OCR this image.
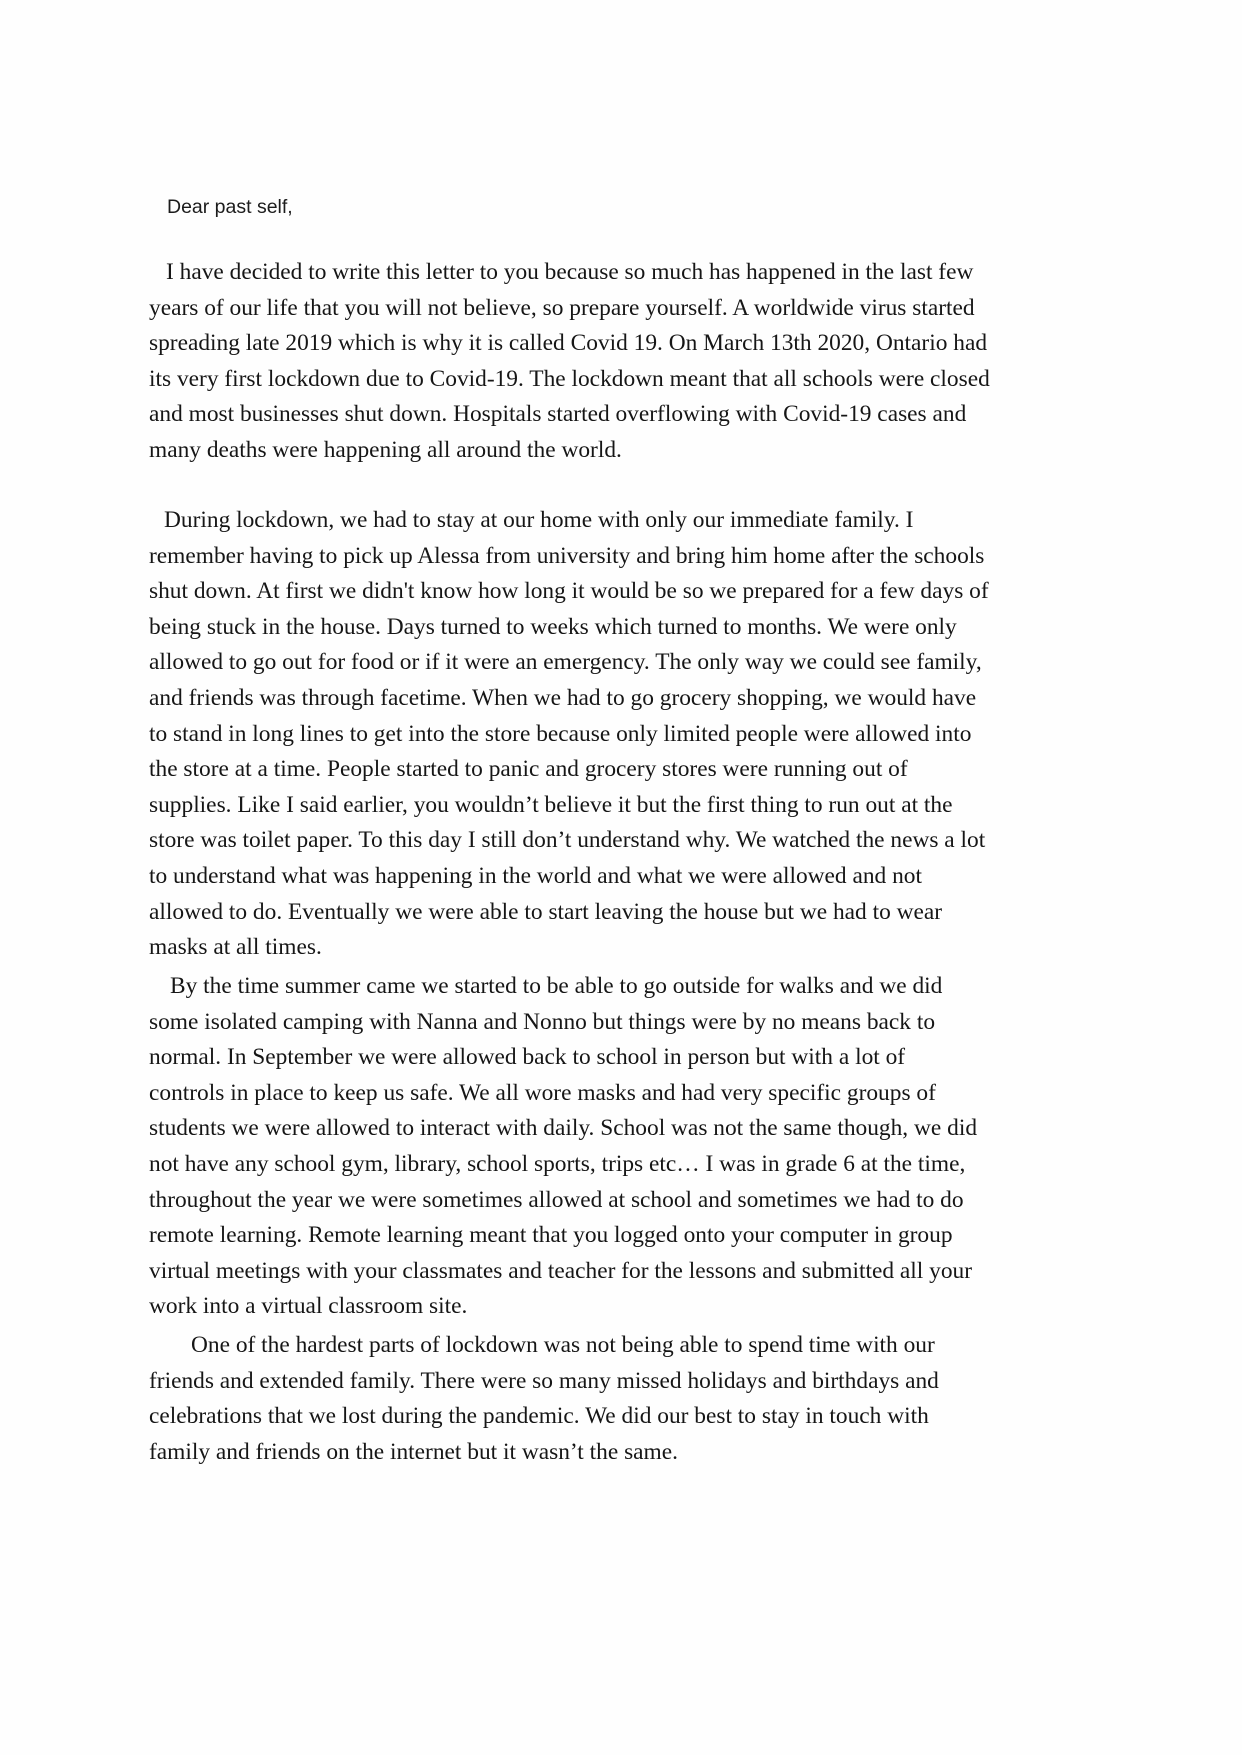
Dear past self,

I have decided to write this letter to you because so much has happened in the last few
years of our life that you will not believe, so prepare yourself. A worldwide virus started
spreading late 2019 which is why it is called Covid 19. On March 13th 2020, Ontario had
its very first lockdown due to Covid-19. The lockdown meant that all schools were closed
and most businesses shut down. Hospitals started overflowing with Covid-19 cases and
many deaths were happening all around the world.

During lockdown, we had to stay at our home with only our immediate family. I
remember having to pick up Alessa from university and bring him home after the schools
shut down. At first we didn't know how long it would be so we prepared for a few days of
being stuck in the house. Days turned to weeks which turned to months. We were only
allowed to go out for food or if it were an emergency. The only way we could see family,
and friends was through facetime. When we had to go grocery shopping, we would have
to stand in long lines to get into the store because only limited people were allowed into
the store at a time. People started to panic and grocery stores were running out of
supplies. Like I said earlier, you wouldn’t believe it but the first thing to run out at the
store was toilet paper. To this day I still don’t understand why. We watched the news a lot
to understand what was happening in the world and what we were allowed and not
allowed to do. Eventually we were able to start leaving the house but we had to wear
masks at all times.

By the time summer came we started to be able to go outside for walks and we did
some isolated camping with Nanna and Nonno but things were by no means back to
normal. In September we were allowed back to school in person but with a lot of
controls in place to keep us safe. We all wore masks and had very specific groups of
students we were allowed to interact with daily. School was not the same though, we did
not have any school gym, library, school sports, trips etc… I was in grade 6 at the time,
throughout the year we were sometimes allowed at school and sometimes we had to do
remote learning. Remote learning meant that you logged onto your computer in group
virtual meetings with your classmates and teacher for the lessons and submitted all your
work into a virtual classroom site.

One of the hardest parts of lockdown was not being able to spend time with our
friends and extended family. There were so many missed holidays and birthdays and
celebrations that we lost during the pandemic. We did our best to stay in touch with
family and friends on the internet but it wasn’t the same.
